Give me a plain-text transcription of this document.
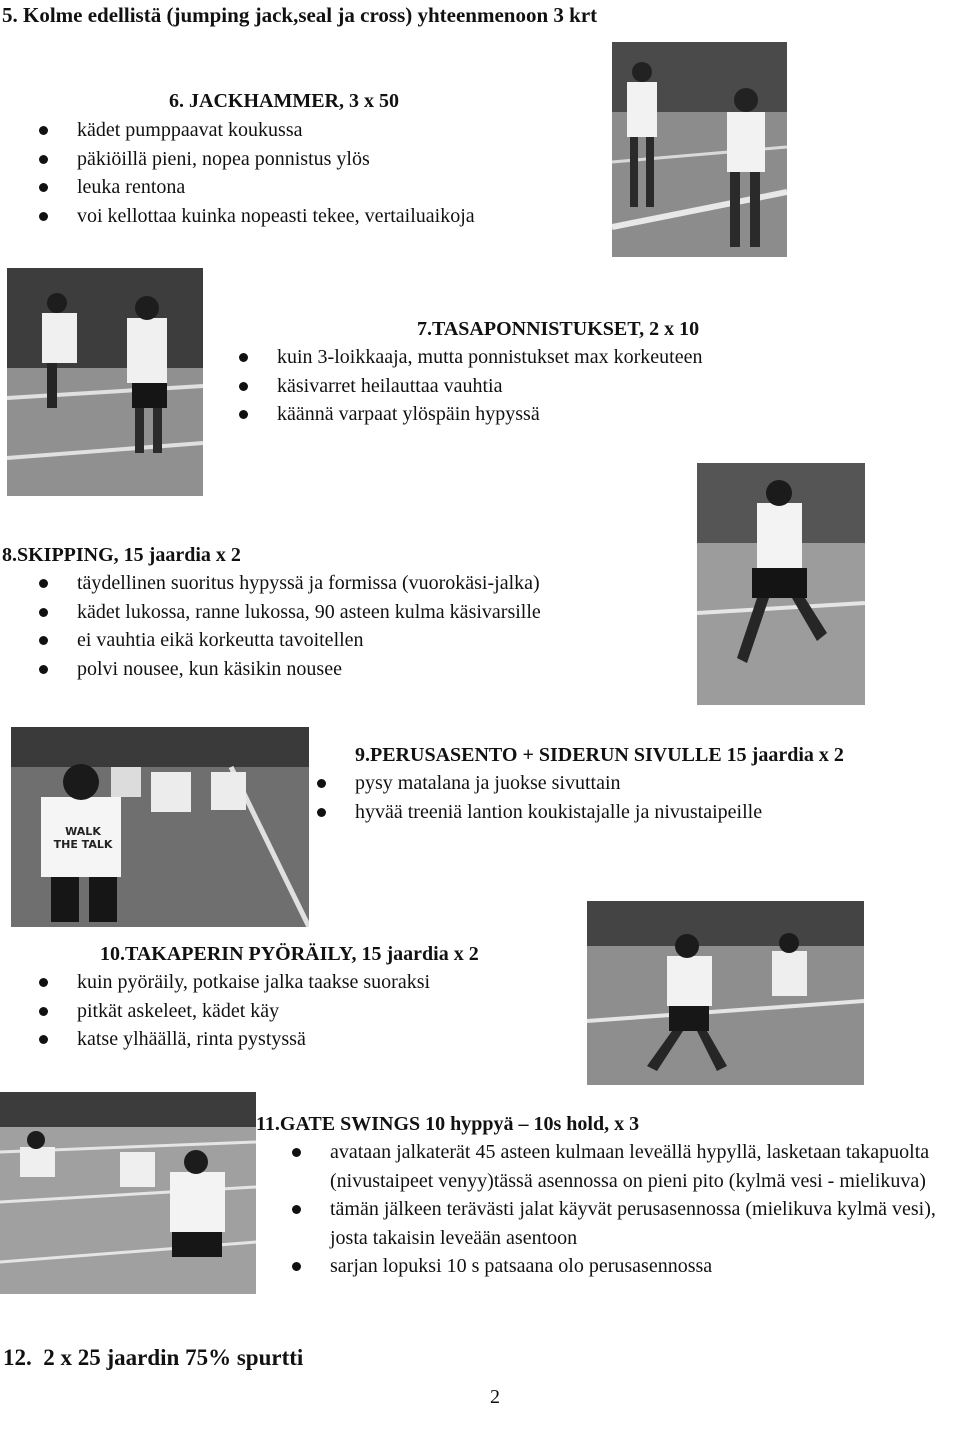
5. Kolme edellistä (jumping jack,seal ja cross) yhteenmenoon 3 krt
6. JACKHAMMER, 3 x 50
kädet pumppaavat koukussa
päkiöillä pieni, nopea ponnistus ylös
leuka rentona
voi kellottaa kuinka nopeasti tekee, vertailuaikoja
7.TASAPONNISTUKSET, 2 x 10
kuin 3-loikkaaja, mutta ponnistukset max korkeuteen
käsivarret heilauttaa vauhtia
käännä varpaat ylöspäin hypyssä
8.SKIPPING, 15 jaardia x 2
täydellinen suoritus hypyssä ja formissa (vuorokäsi-jalka)
kädet lukossa, ranne lukossa, 90 asteen kulma käsivarsille
ei vauhtia eikä korkeutta tavoitellen
polvi nousee, kun käsikin nousee
WALK THE TALK
9.PERUSASENTO + SIDERUN SIVULLE 15 jaardia x 2
pysy matalana ja juokse sivuttain
hyvää treeniä lantion koukistajalle ja nivustaipeille
10.TAKAPERIN PYÖRÄILY, 15 jaardia x 2
kuin pyöräily, potkaise jalka taakse suoraksi
pitkät askeleet, kädet käy
katse ylhäällä, rinta pystyssä
11.GATE SWINGS 10 hyppyä – 10s hold, x 3
avataan jalkaterät 45 asteen kulmaan leveällä hypyllä, lasketaan takapuolta (nivustaipeet venyy)tässä asennossa on pieni pito (kylmä vesi - mielikuva)
tämän jälkeen terävästi jalat käyvät perusasennossa (mielikuva kylmä vesi), josta takaisin leveään asentoon
sarjan lopuksi 10 s patsaana olo perusasennossa
12.  2 x 25 jaardin 75% spurtti
2
